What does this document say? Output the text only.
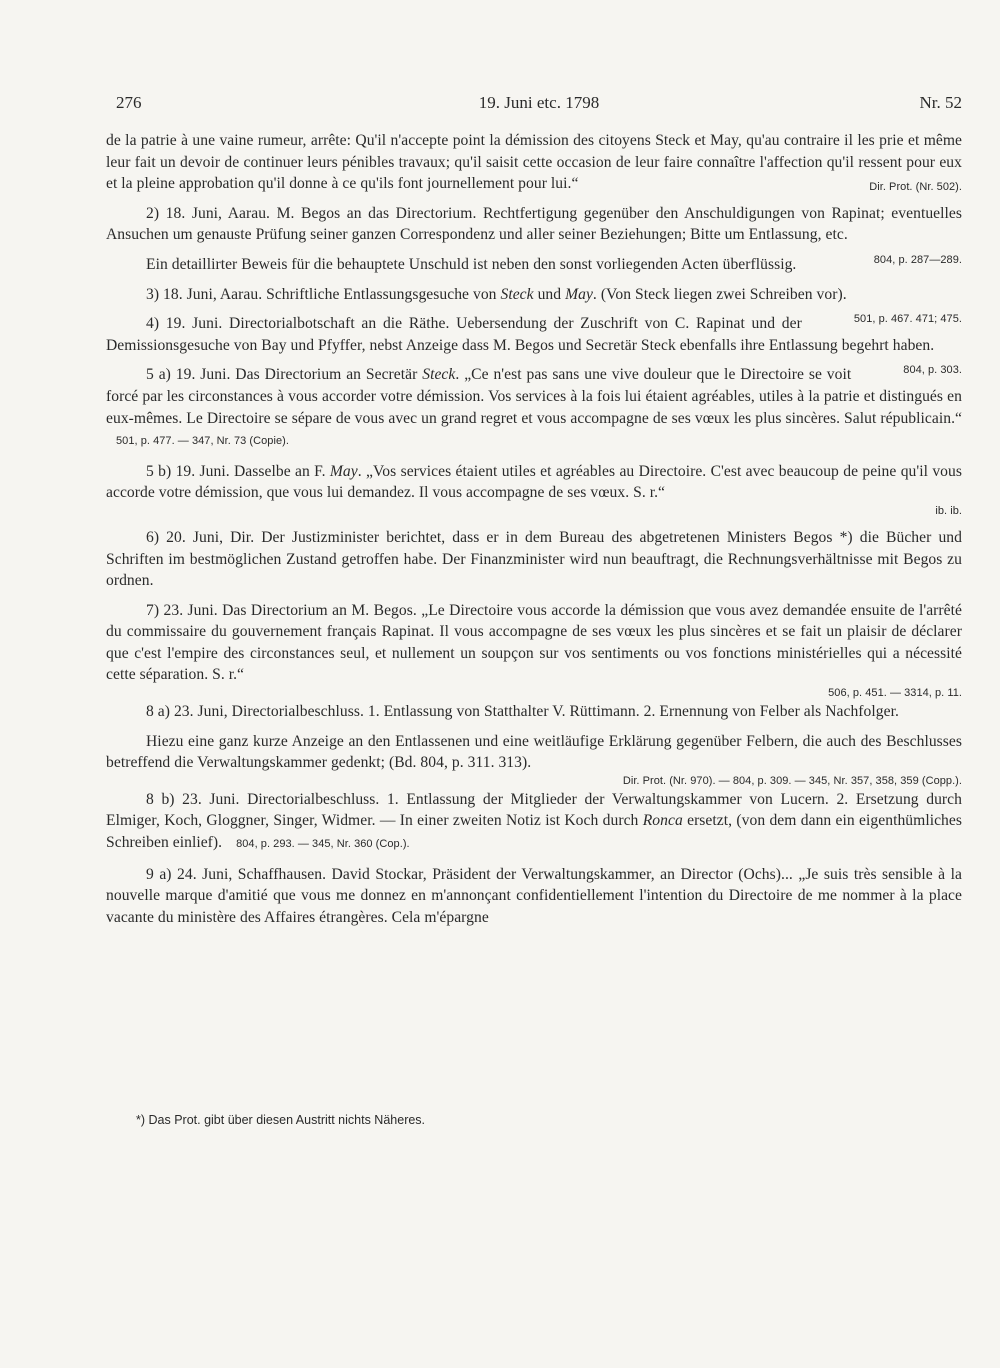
276	19. Juni etc. 1798	Nr. 52

de la patrie à une vaine rumeur, arrête: Qu'il n'accepte point la démission des citoyens Steck et May, qu'au contraire il les prie et même leur fait un devoir de continuer leurs pénibles travaux; qu'il saisit cette occasion de leur faire connaître l'affection qu'il ressent pour eux et la pleine approbation qu'il donne à ce qu'ils font journellement pour lui.“	Dir. Prot. (Nr. 502).

2) 18. Juni, Aarau. M. Begos an das Directorium. Rechtfertigung gegenüber den Anschuldigungen von Rapinat; eventuelles Ansuchen um genauste Prüfung seiner ganzen Correspondenz und aller seiner Beziehungen; Bitte um Entlassung, etc.
804, p. 287—289.

Ein detaillirter Beweis für die behauptete Unschuld ist neben den sonst vorliegenden Acten überflüssig.

3) 18. Juni, Aarau. Schriftliche Entlassungsgesuche von Steck und May. (Von Steck liegen zwei Schreiben vor).
501, p. 467. 471; 475.

4) 19. Juni. Directorialbotschaft an die Räthe. Uebersendung der Zuschrift von C. Rapinat und der Demissionsgesuche von Bay und Pfyffer, nebst Anzeige dass M. Begos und Secretär Steck ebenfalls ihre Entlassung begehrt haben.
804, p. 303.

5 a) 19. Juni. Das Directorium an Secretär Steck. „Ce n'est pas sans une vive douleur que le Directoire se voit forcé par les circonstances à vous accorder votre démission. Vos services à la fois lui étaient agréables, utiles à la patrie et distingués en eux-mêmes. Le Directoire se sépare de vous avec un grand regret et vous accompagne de ses vœux les plus sincères. Salut républicain.“ 501, p. 477. — 347, Nr. 73 (Copie).

5 b) 19. Juni. Dasselbe an F. May. „Vos services étaient utiles et agréables au Directoire. C'est avec beaucoup de peine qu'il vous accorde votre démission, que vous lui demandez. Il vous accompagne de ses vœux. S. r.“

ib. ib.

6) 20. Juni, Dir. Der Justizminister berichtet, dass er in dem Bureau des abgetretenen Ministers Begos *) die Bücher und Schriften im bestmöglichen Zustand getroffen habe. Der Finanzminister wird nun beauftragt, die Rechnungsverhältnisse mit Begos zu ordnen.

7) 23. Juni. Das Directorium an M. Begos. „Le Directoire vous accorde la démission que vous avez demandée ensuite de l'arrêté du commissaire du gouvernement français Rapinat. Il vous accompagne de ses vœux les plus sincères et se fait un plaisir de déclarer que c'est l'empire des circonstances seul, et nullement un soupçon sur vos sentiments ou vos fonctions ministérielles qui a nécessité cette séparation. S. r.“

506, p. 451. — 3314, p. 11.

8 a) 23. Juni, Directorialbeschluss. 1. Entlassung von Statthalter V. Rüttimann. 2. Ernennung von Felber als Nachfolger.

Hiezu eine ganz kurze Anzeige an den Entlassenen und eine weitläufige Erklärung gegenüber Felbern, die auch des Beschlusses betreffend die Verwaltungskammer gedenkt; (Bd. 804, p. 311. 313).

Dir. Prot. (Nr. 970). — 804, p. 309. — 345, Nr. 357, 358, 359 (Copp.).

8 b) 23. Juni. Directorialbeschluss. 1. Entlassung der Mitglieder der Verwaltungskammer von Lucern. 2. Ersetzung durch Elmiger, Koch, Gloggner, Singer, Widmer. — In einer zweiten Notiz ist Koch durch Ronca ersetzt, (von dem dann ein eigenthümliches Schreiben einlief). 804, p. 293. — 345, Nr. 360 (Cop.).

9 a) 24. Juni, Schaffhausen. David Stockar, Präsident der Verwaltungskammer, an Director (Ochs)... „Je suis très sensible à la nouvelle marque d'amitié que vous me donnez en m'annonçant confidentiellement l'intention du Directoire de me nommer à la place vacante du ministère des Affaires étrangères. Cela m'épargne

*) Das Prot. gibt über diesen Austritt nichts Näheres.
